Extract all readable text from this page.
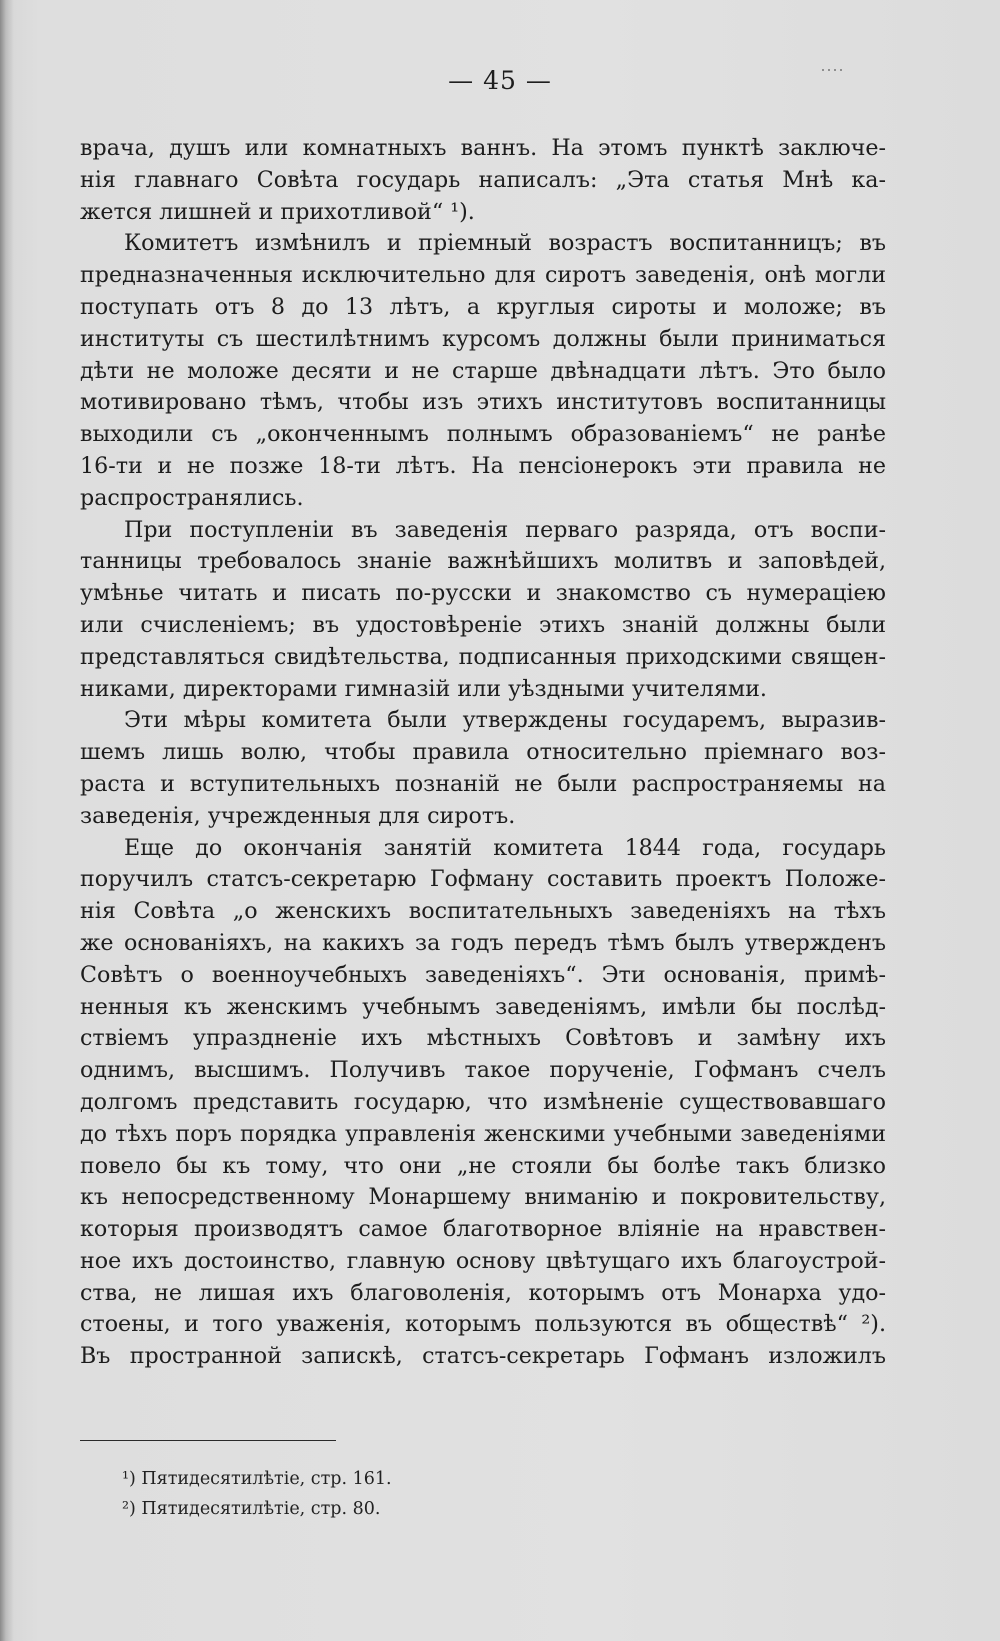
— 45 —
врача, душъ или комнатныхъ ваннъ. На этомъ пунктѣ заключе-
нія главнаго Совѣта государь написалъ: „Эта статья Мнѣ ка-
жется лишней и прихотливой“ ¹).
Комитетъ измѣнилъ и пріемный возрастъ воспитанницъ; въ
предназначенныя исключительно для сиротъ заведенія, онѣ могли
поступать отъ 8 до 13 лѣтъ, а круглыя сироты и моложе; въ
институты съ шестилѣтнимъ курсомъ должны были приниматься
дѣти не моложе десяти и не старше двѣнадцати лѣтъ. Это было
мотивировано тѣмъ, чтобы изъ этихъ институтовъ воспитанницы
выходили съ „оконченнымъ полнымъ образованіемъ“ не ранѣе
16-ти и не позже 18-ти лѣтъ. На пенсіонерокъ эти правила не
распространялись.
При поступленіи въ заведенія перваго разряда, отъ воспи-
танницы требовалось знаніе важнѣйшихъ молитвъ и заповѣдей,
умѣнье читать и писать по-русски и знакомство съ нумераціею
или счисленіемъ; въ удостовѣреніе этихъ знаній должны были
представляться свидѣтельства, подписанныя приходскими священ-
никами, директорами гимназій или уѣздными учителями.
Эти мѣры комитета были утверждены государемъ, выразив-
шемъ лишь волю, чтобы правила относительно пріемнаго воз-
раста и вступительныхъ познаній не были распространяемы на
заведенія, учрежденныя для сиротъ.
Еще до окончанія занятій комитета 1844 года, государь
поручилъ статсъ-секретарю Гофману составить проектъ Положе-
нія Совѣта „о женскихъ воспитательныхъ заведеніяхъ на тѣхъ
же основаніяхъ, на какихъ за годъ передъ тѣмъ былъ утвержденъ
Совѣтъ о военноучебныхъ заведеніяхъ“. Эти основанія, примѣ-
ненныя къ женскимъ учебнымъ заведеніямъ, имѣли бы послѣд-
ствіемъ упраздненіе ихъ мѣстныхъ Совѣтовъ и замѣну ихъ
однимъ, высшимъ. Получивъ такое порученіе, Гофманъ счелъ
долгомъ представить государю, что измѣненіе существовавшаго
до тѣхъ поръ порядка управленія женскими учебными заведеніями
повело бы къ тому, что они „не стояли бы болѣе такъ близко
къ непосредственному Монаршему вниманію и покровительству,
которыя производятъ самое благотворное вліяніе на нравствен-
ное ихъ достоинство, главную основу цвѣтущаго ихъ благоустрой-
ства, не лишая ихъ благоволенія, которымъ отъ Монарха удо-
стоены, и того уваженія, которымъ пользуются въ обществѣ“ ²).
Въ пространной запискѣ, статсъ-секретарь Гофманъ изложилъ
¹) Пятидесятилѣтіе, стр. 161.
²) Пятидесятилѣтіе, стр. 80.
